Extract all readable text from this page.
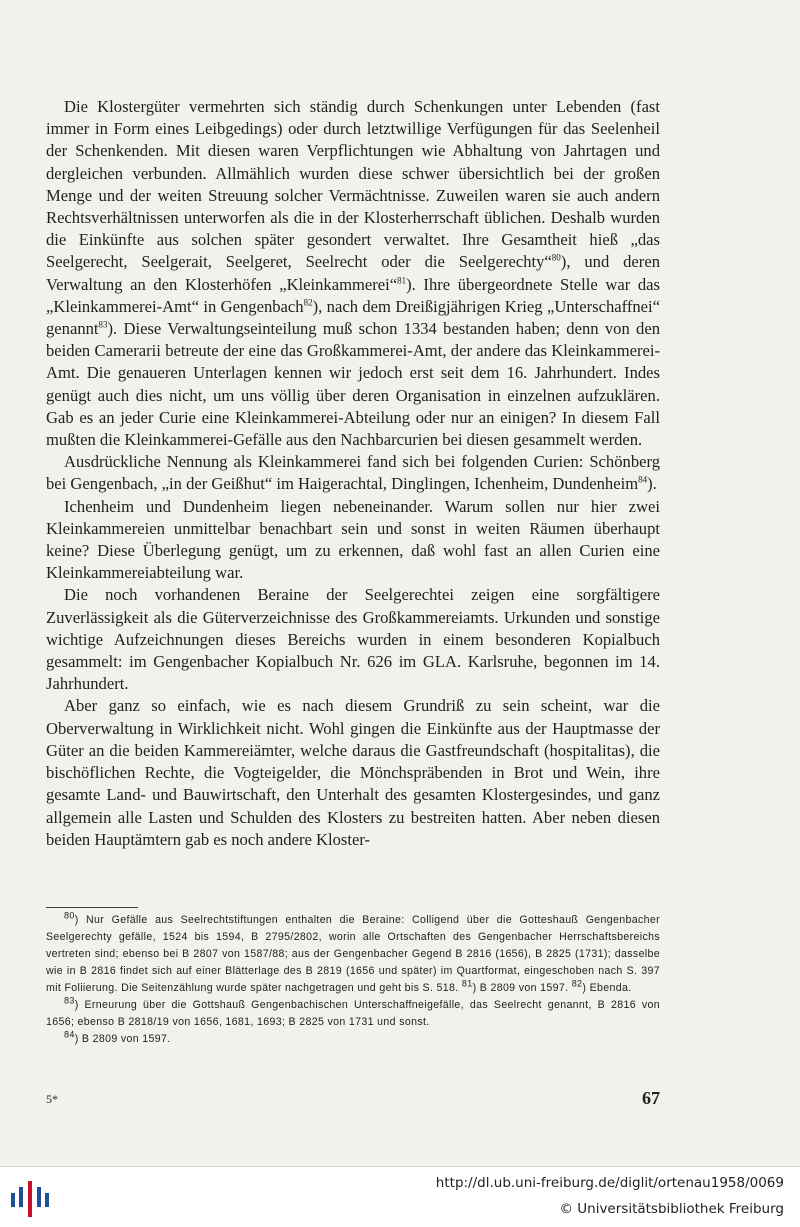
Die Klostergüter vermehrten sich ständig durch Schenkungen unter Lebenden (fast immer in Form eines Leibgedings) oder durch letztwillige Verfügungen für das Seelenheil der Schenkenden. Mit diesen waren Verpflichtungen wie Abhaltung von Jahrtagen und dergleichen verbunden. Allmählich wurden diese schwer übersichtlich bei der großen Menge und der weiten Streuung solcher Vermächtnisse. Zuweilen waren sie auch andern Rechtsverhältnissen unterworfen als die in der Klosterherrschaft üblichen. Deshalb wurden die Einkünfte aus solchen später gesondert verwaltet. Ihre Gesamtheit hieß „das Seelgerecht, Seelgerait, Seelgeret, Seelrecht oder die Seelgerechty“$^{80}$), und deren Verwaltung an den Klosterhöfen „Kleinkammerei“$^{81}$). Ihre übergeordnete Stelle war das „Kleinkammerei-Amt“ in Gengenbach$^{82}$), nach dem Dreißigjährigen Krieg „Unterschaffnei“ genannt$^{83}$). Diese Verwaltungseinteilung muß schon 1334 bestanden haben; denn von den beiden Camerarii betreute der eine das Großkammerei-Amt, der andere das Kleinkammerei-Amt. Die genaueren Unterlagen kennen wir jedoch erst seit dem 16. Jahrhundert. Indes genügt auch dies nicht, um uns völlig über deren Organisation in einzelnen aufzuklären. Gab es an jeder Curie eine Kleinkammerei-Abteilung oder nur an einigen? In diesem Fall mußten die Kleinkammerei-Gefälle aus den Nachbarcurien bei diesen gesammelt werden.

Ausdrückliche Nennung als Kleinkammerei fand sich bei folgenden Curien: Schönberg bei Gengenbach, „in der Geißhut“ im Haigerachtal, Dinglingen, Ichenheim, Dundenheim$^{84}$).

Ichenheim und Dundenheim liegen nebeneinander. Warum sollen nur hier zwei Kleinkammereien unmittelbar benachbart sein und sonst in weiten Räumen überhaupt keine? Diese Überlegung genügt, um zu erkennen, daß wohl fast an allen Curien eine Kleinkammereiabteilung war.

Die noch vorhandenen Beraine der Seelgerechtei zeigen eine sorgfältigere Zuverlässigkeit als die Güterverzeichnisse des Großkammereiamts. Urkunden und sonstige wichtige Aufzeichnungen dieses Bereichs wurden in einem besonderen Kopialbuch gesammelt: im Gengenbacher Kopialbuch Nr. 626 im GLA. Karlsruhe, begonnen im 14. Jahrhundert.

Aber ganz so einfach, wie es nach diesem Grundriß zu sein scheint, war die Oberverwaltung in Wirklichkeit nicht. Wohl gingen die Einkünfte aus der Hauptmasse der Güter an die beiden Kammereiämter, welche daraus die Gastfreundschaft (hospitalitas), die bischöflichen Rechte, die Vogteigelder, die Mönchspräbenden in Brot und Wein, ihre gesamte Land- und Bauwirtschaft, den Unterhalt des gesamten Klostergesindes, und ganz allgemein alle Lasten und Schulden des Klosters zu bestreiten hatten. Aber neben diesen beiden Hauptämtern gab es noch andere Kloster-

$^{80}$) Nur Gefälle aus Seelrechtstiftungen enthalten die Beraine: Colligend über die Gotteshauß Gengenbacher Seelgerechty gefälle, 1524 bis 1594, B 2795/2802, worin alle Ortschaften des Gengenbacher Herrschaftsbereichs vertreten sind; ebenso bei B 2807 von 1587/88; aus der Gengenbacher Gegend B 2816 (1656), B 2825 (1731); dasselbe wie in B 2816 findet sich auf einer Blätterlage des B 2819 (1656 und später) im Quartformat, eingeschoben nach S. 397 mit Foliierung. Die Seitenzählung wurde später nachgetragen und geht bis S. 518. $^{81}$) B 2809 von 1597. $^{82}$) Ebenda.

$^{83}$) Erneurung über die Gottshauß Gengenbachischen Unterschaffneigefälle, das Seelrecht genannt, B 2816 von 1656; ebenso B 2818/19 von 1656, 1681, 1693; B 2825 von 1731 und sonst.

$^{84}$) B 2809 von 1597.

5*	67
http://dl.ub.uni-freiburg.de/diglit/ortenau1958/0069
© Universitätsbibliothek Freiburg
